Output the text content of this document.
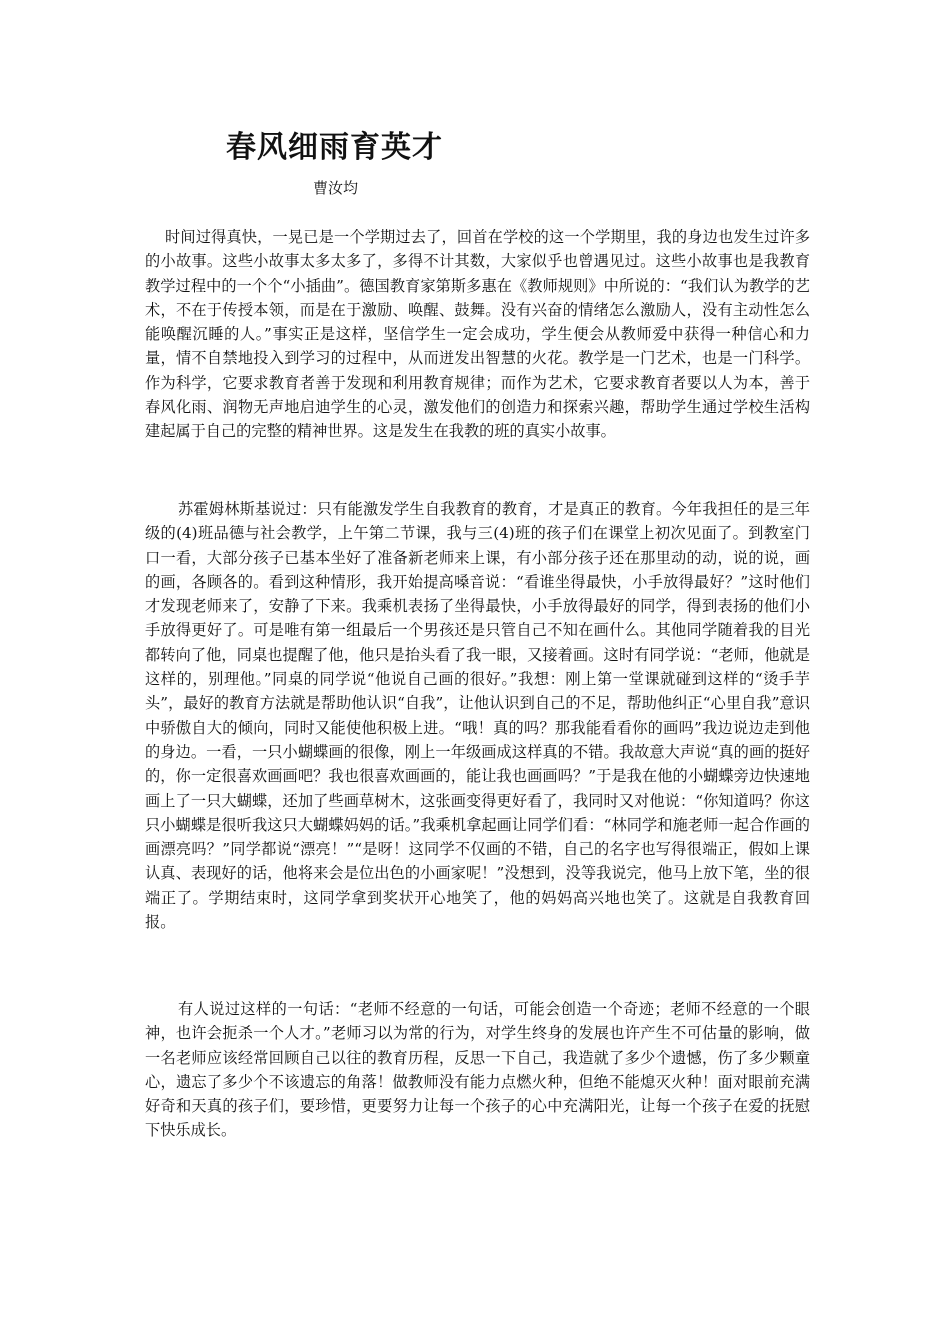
春风细雨育英才
曹汝均

时间过得真快，一晃已是一个学期过去了，回首在学校的这一个学期里，我的身边也发生过许多的小故事。这些小故事太多太多了，多得不计其数，大家似乎也曾遇见过。这些小故事也是我教育教学过程中的一个个“小插曲”。德国教育家第斯多惠在《教师规则》中所说的：“我们认为教学的艺术，不在于传授本领，而是在于激励、唤醒、鼓舞。没有兴奋的情绪怎么激励人，没有主动性怎么能唤醒沉睡的人。”事实正是这样，坚信学生一定会成功，学生便会从教师爱中获得一种信心和力量，情不自禁地投入到学习的过程中，从而迸发出智慧的火花。教学是一门艺术，也是一门科学。作为科学，它要求教育者善于发现和利用教育规律；而作为艺术，它要求教育者要以人为本，善于春风化雨、润物无声地启迪学生的心灵，激发他们的创造力和探索兴趣，帮助学生通过学校生活构建起属于自己的完整的精神世界。这是发生在我教的班的真实小故事。

苏霍姆林斯基说过：只有能激发学生自我教育的教育，才是真正的教育。今年我担任的是三年级的(4)班品德与社会教学，上午第二节课，我与三(4)班的孩子们在课堂上初次见面了。到教室门口一看，大部分孩子已基本坐好了准备新老师来上课，有小部分孩子还在那里动的动，说的说，画的画，各顾各的。看到这种情形，我开始提高嗓音说：“看谁坐得最快，小手放得最好？”这时他们才发现老师来了，安静了下来。我乘机表扬了坐得最快，小手放得最好的同学，得到表扬的他们小手放得更好了。可是唯有第一组最后一个男孩还是只管自己不知在画什么。其他同学随着我的目光都转向了他，同桌也提醒了他，他只是抬头看了我一眼，又接着画。这时有同学说：“老师，他就是这样的，别理他。”同桌的同学说“他说自己画的很好。”我想：刚上第一堂课就碰到这样的“烫手芋头”，最好的教育方法就是帮助他认识“自我”，让他认识到自己的不足，帮助他纠正“心里自我”意识中骄傲自大的倾向，同时又能使他积极上进。“哦！真的吗？那我能看看你的画吗”我边说边走到他的身边。一看，一只小蝴蝶画的很像，刚上一年级画成这样真的不错。我故意大声说“真的画的挺好的，你一定很喜欢画画吧？我也很喜欢画画的，能让我也画画吗？”于是我在他的小蝴蝶旁边快速地画上了一只大蝴蝶，还加了些画草树木，这张画变得更好看了，我同时又对他说：“你知道吗？你这只小蝴蝶是很听我这只大蝴蝶妈妈的话。”我乘机拿起画让同学们看：“林同学和施老师一起合作画的画漂亮吗？”同学都说“漂亮！”“是呀！这同学不仅画的不错，自己的名字也写得很端正，假如上课认真、表现好的话，他将来会是位出色的小画家呢！”没想到，没等我说完，他马上放下笔，坐的很端正了。学期结束时，这同学拿到奖状开心地笑了，他的妈妈高兴地也笑了。这就是自我教育回报。

有人说过这样的一句话：“老师不经意的一句话，可能会创造一个奇迹；老师不经意的一个眼神，也许会扼杀一个人才。”老师习以为常的行为，对学生终身的发展也许产生不可估量的影响，做一名老师应该经常回顾自己以往的教育历程，反思一下自己，我造就了多少个遗憾，伤了多少颗童心，遗忘了多少个不该遗忘的角落！做教师没有能力点燃火种，但绝不能熄灭火种！面对眼前充满好奇和天真的孩子们，要珍惜，更要努力让每一个孩子的心中充满阳光，让每一个孩子在爱的抚慰下快乐成长。
